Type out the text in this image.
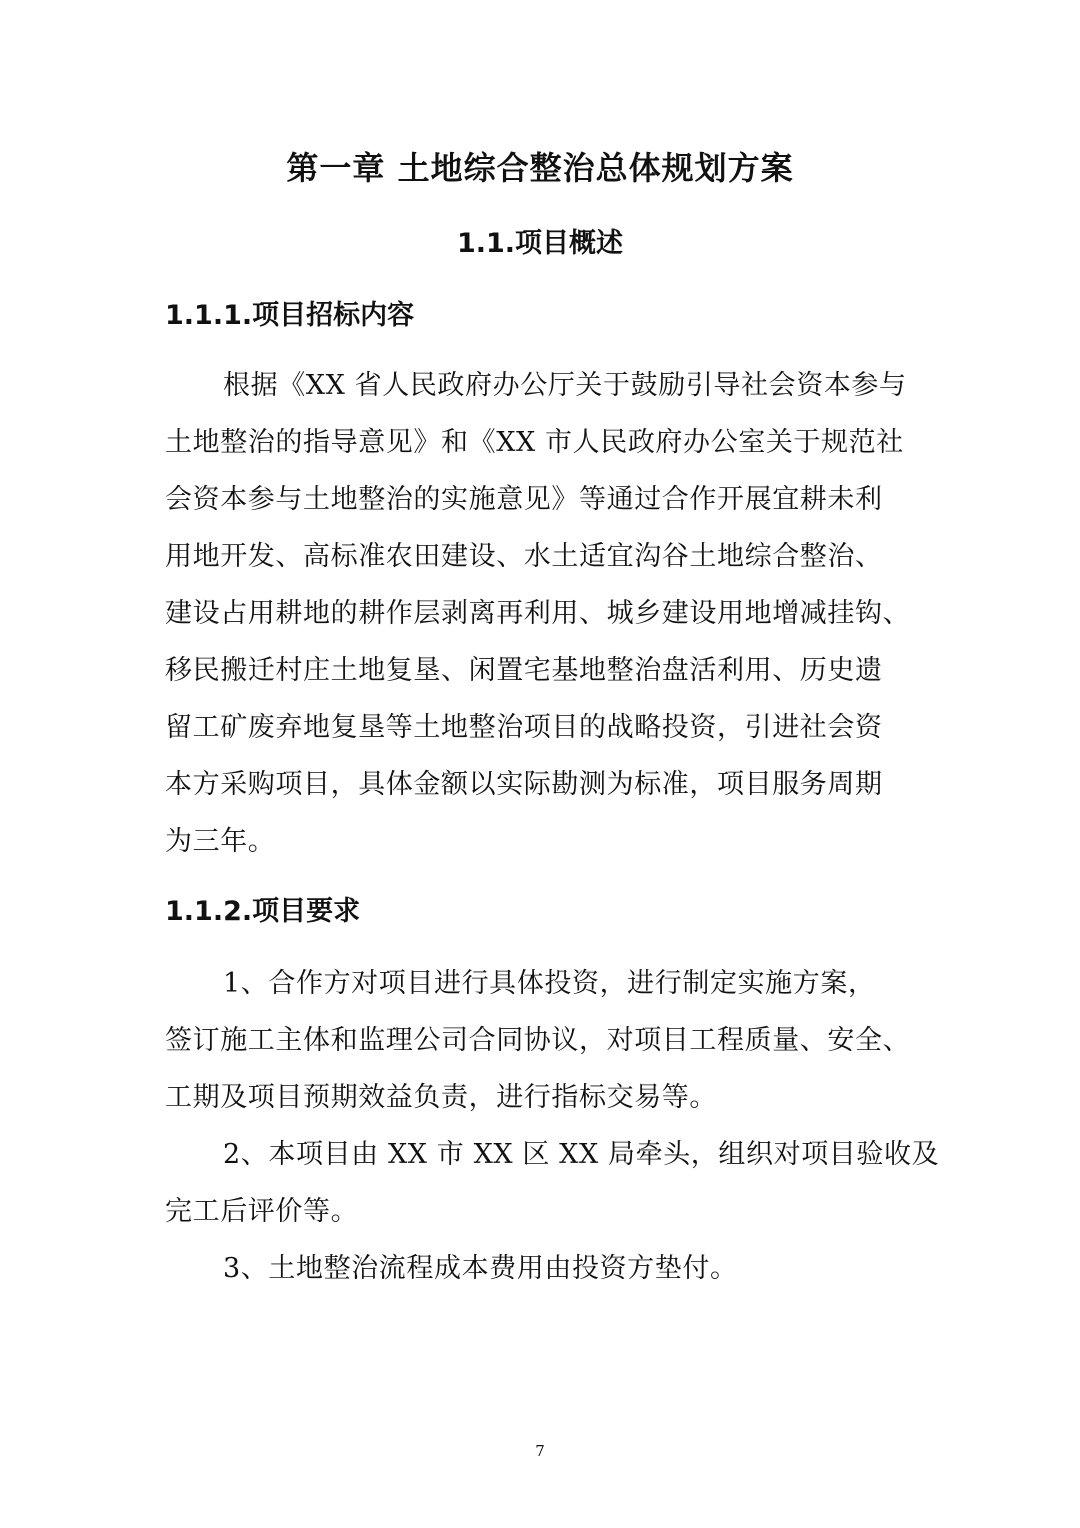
第一章 土地综合整治总体规划方案
1.1.项目概述
1.1.1.项目招标内容
根据《XX 省人民政府办公厅关于鼓励引导社会资本参与
土地整治的指导意见》和《XX 市人民政府办公室关于规范社
会资本参与土地整治的实施意见》等通过合作开展宜耕未利
用地开发、高标准农田建设、水土适宜沟谷土地综合整治、
建设占用耕地的耕作层剥离再利用、城乡建设用地增减挂钩、
移民搬迁村庄土地复垦、闲置宅基地整治盘活利用、历史遗
留工矿废弃地复垦等土地整治项目的战略投资，引进社会资
本方采购项目，具体金额以实际勘测为标准，项目服务周期
为三年。
1.1.2.项目要求
1、合作方对项目进行具体投资，进行制定实施方案，
签订施工主体和监理公司合同协议，对项目工程质量、安全、
工期及项目预期效益负责，进行指标交易等。
2、本项目由 XX 市 XX 区 XX 局牵头，组织对项目验收及
完工后评价等。
3、土地整治流程成本费用由投资方垫付。
7
